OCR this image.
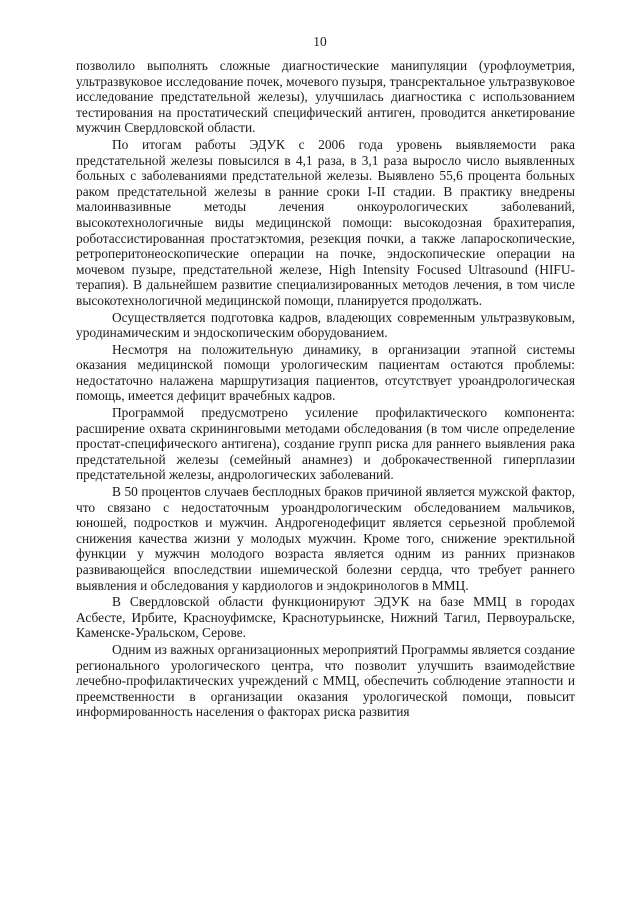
10

позволило выполнять сложные диагностические манипуляции (урофлоуметрия, ультразвуковое исследование почек, мочевого пузыря, трансректальное ультразвуковое исследование предстательной железы), улучшилась диагностика с использованием тестирования на простатический специфический антиген, проводится анкетирование мужчин Свердловской области.

По итогам работы ЭДУК с 2006 года уровень выявляемости рака предстательной железы повысился в 4,1 раза, в 3,1 раза выросло число выявленных больных с заболеваниями предстательной железы. Выявлено 55,6 процента больных раком предстательной железы в ранние сроки I-II стадии. В практику внедрены малоинвазивные методы лечения онкоурологических заболеваний, высокотехнологичные виды медицинской помощи: высокодозная брахитерапия, роботассистированная простатэктомия, резекция почки, а также лапароскопические, ретроперитонеоскопические операции на почке, эндоскопические операции на мочевом пузыре, предстательной железе, High Intensity Focused Ultrasound (HIFU-терапия). В дальнейшем развитие специализированных методов лечения, в том числе высокотехнологичной медицинской помощи, планируется продолжать.

Осуществляется подготовка кадров, владеющих современным ультразвуковым, уродинамическим и эндоскопическим оборудованием.

Несмотря на положительную динамику, в организации этапной системы оказания медицинской помощи урологическим пациентам остаются проблемы: недостаточно налажена маршрутизация пациентов, отсутствует уроандрологическая помощь, имеется дефицит врачебных кадров.

Программой предусмотрено усиление профилактического компонента: расширение охвата скрининговыми методами обследования (в том числе определение простат-специфического антигена), создание групп риска для раннего выявления рака предстательной железы (семейный анамнез) и доброкачественной гиперплазии предстательной железы, андрологических заболеваний.

В 50 процентов случаев бесплодных браков причиной является мужской фактор, что связано с недостаточным уроандрологическим обследованием мальчиков, юношей, подростков и мужчин. Андрогенодефицит является серьезной проблемой снижения качества жизни у молодых мужчин. Кроме того, снижение эректильной функции у мужчин молодого возраста является одним из ранних признаков развивающейся впоследствии ишемической болезни сердца, что требует раннего выявления и обследования у кардиологов и эндокринологов в ММЦ.

В Свердловской области функционируют ЭДУК на базе ММЦ в городах Асбесте, Ирбите, Красноуфимске, Краснотурьинске, Нижний Тагил, Первоуральске, Каменске-Уральском, Серове.

Одним из важных организационных мероприятий Программы является создание регионального урологического центра, что позволит улучшить взаимодействие лечебно-профилактических учреждений с ММЦ, обеспечить соблюдение этапности и преемственности в организации оказания урологической помощи, повысит информированность населения о факторах риска развития
